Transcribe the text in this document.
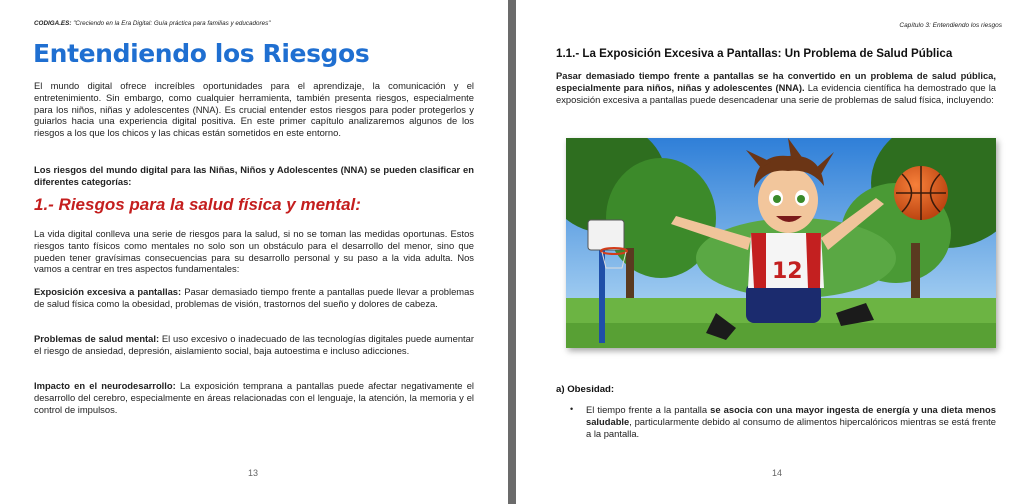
CODIGA.ES: "Creciendo en la Era Digital: Guía práctica para familias y educadores"
Entendiendo los Riesgos

El mundo digital ofrece increíbles oportunidades para el aprendizaje, la comunicación y el entretenimiento. Sin embargo, como cualquier herramienta, también presenta riesgos, especialmente para los niños, niñas y adolescentes (NNA). Es crucial entender estos riesgos para poder protegerlos y guiarlos hacia una experiencia digital positiva. En este primer capítulo analizaremos algunos de los riesgos a los que los chicos y las chicas están sometidos en este entorno.

Los riesgos del mundo digital para las Niñas, Niños y Adolescentes (NNA) se pueden clasificar en diferentes categorías:

1.- Riesgos para la salud física y mental:

La vida digital conlleva una serie de riesgos para la salud, si no se toman las medidas oportunas. Estos riesgos tanto físicos como mentales no solo son un obstáculo para el desarrollo del menor, sino que pueden tener gravísimas consecuencias para su desarrollo personal y su paso a la vida adulta. Nos vamos a centrar en tres aspectos fundamentales:

Exposición excesiva a pantallas: Pasar demasiado tiempo frente a pantallas puede llevar a problemas de salud física como la obesidad, problemas de visión, trastornos del sueño y dolores de cabeza.

Problemas de salud mental: El uso excesivo o inadecuado de las tecnologías digitales puede aumentar el riesgo de ansiedad, depresión, aislamiento social, baja autoestima e incluso adicciones.

Impacto en el neurodesarrollo: La exposición temprana a pantallas puede afectar negativamente el desarrollo del cerebro, especialmente en áreas relacionadas con el lenguaje, la atención, la memoria y el control de impulsos.

13
Capítulo 3: Entendiendo los riesgos
1.1.- La Exposición Excesiva a Pantallas: Un Problema de Salud Pública

Pasar demasiado tiempo frente a pantallas se ha convertido en un problema de salud pública, especialmente para niños, niñas y adolescentes (NNA). La evidencia científica ha demostrado que la exposición excesiva a pantallas puede desencadenar una serie de problemas de salud física, incluyendo:

12
a) Obesidad:
• El tiempo frente a la pantalla se asocia con una mayor ingesta de energía y una dieta menos saludable, particularmente debido al consumo de alimentos hipercalóricos mientras se está frente a la pantalla.

14
